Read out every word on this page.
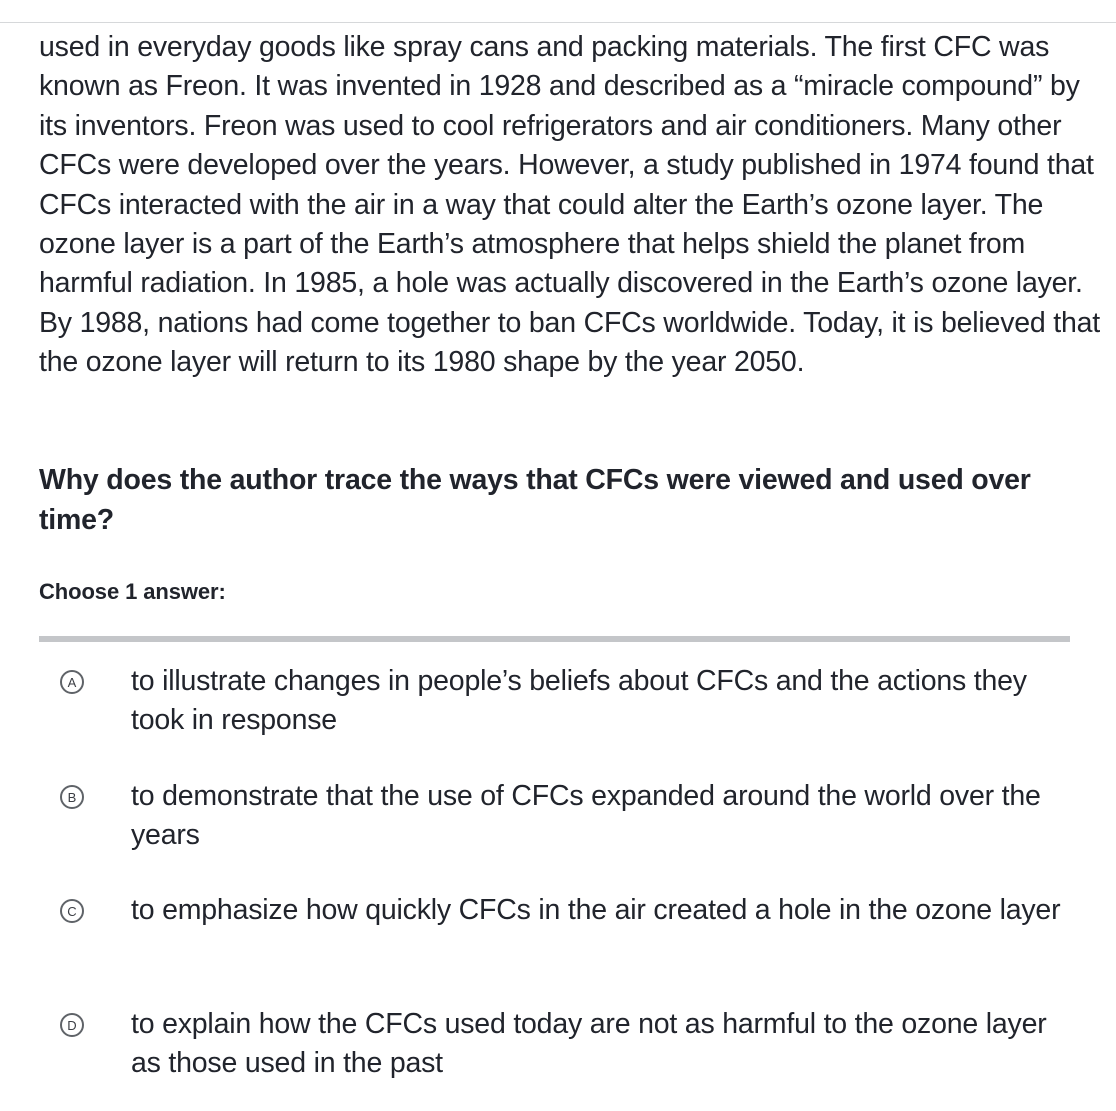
used in everyday goods like spray cans and packing materials. The first CFC was known as Freon. It was invented in 1928 and described as a “miracle compound” by its inventors. Freon was used to cool refrigerators and air conditioners. Many other CFCs were developed over the years. However, a study published in 1974 found that CFCs interacted with the air in a way that could alter the Earth’s ozone layer. The ozone layer is a part of the Earth’s atmosphere that helps shield the planet from harmful radiation. In 1985, a hole was actually discovered in the Earth’s ozone layer. By 1988, nations had come together to ban CFCs worldwide. Today, it is believed that the ozone layer will return to its 1980 shape by the year 2050.

Why does the author trace the ways that CFCs were viewed and used over time?

Choose 1 answer:
A to illustrate changes in people’s beliefs about CFCs and the actions they took in response
B to demonstrate that the use of CFCs expanded around the world over the years
C to emphasize how quickly CFCs in the air created a hole in the ozone layer
D to explain how the CFCs used today are not as harmful to the ozone layer as those used in the past
